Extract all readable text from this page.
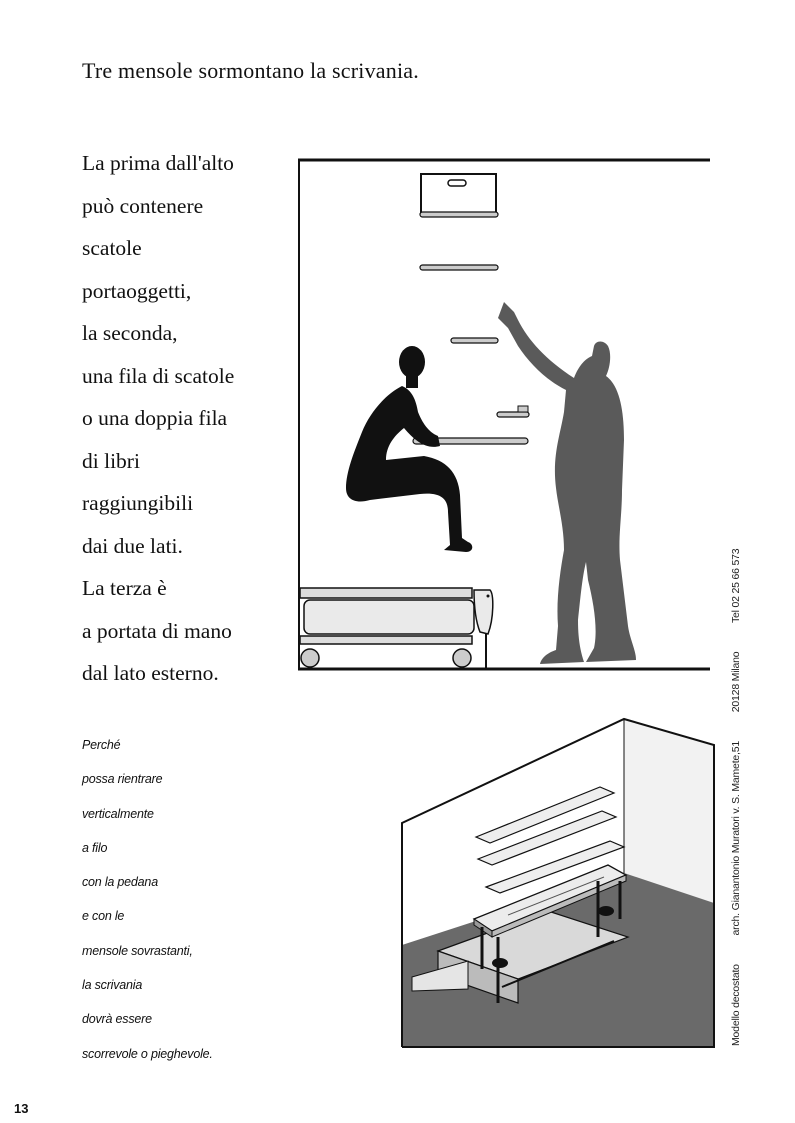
Tre mensole sormontano la scrivania.
La prima dall'alto
può contenere
scatole
portaoggetti,
la seconda,
una fila di scatole
o una doppia fila
di libri
raggiungibili
dai due lati.
La terza è
a portata di mano
dal lato esterno.
Perché
possa rientrare
verticalmente
a filo
con la pedana
e con le
mensole sovrastanti,
la scrivania
dovrà essere
scorrevole o pieghevole.
Modello decostato arch. Gianantonio Muratori v. S. Mamete,51 20128 Milano Tel 02 25 66 573
13
